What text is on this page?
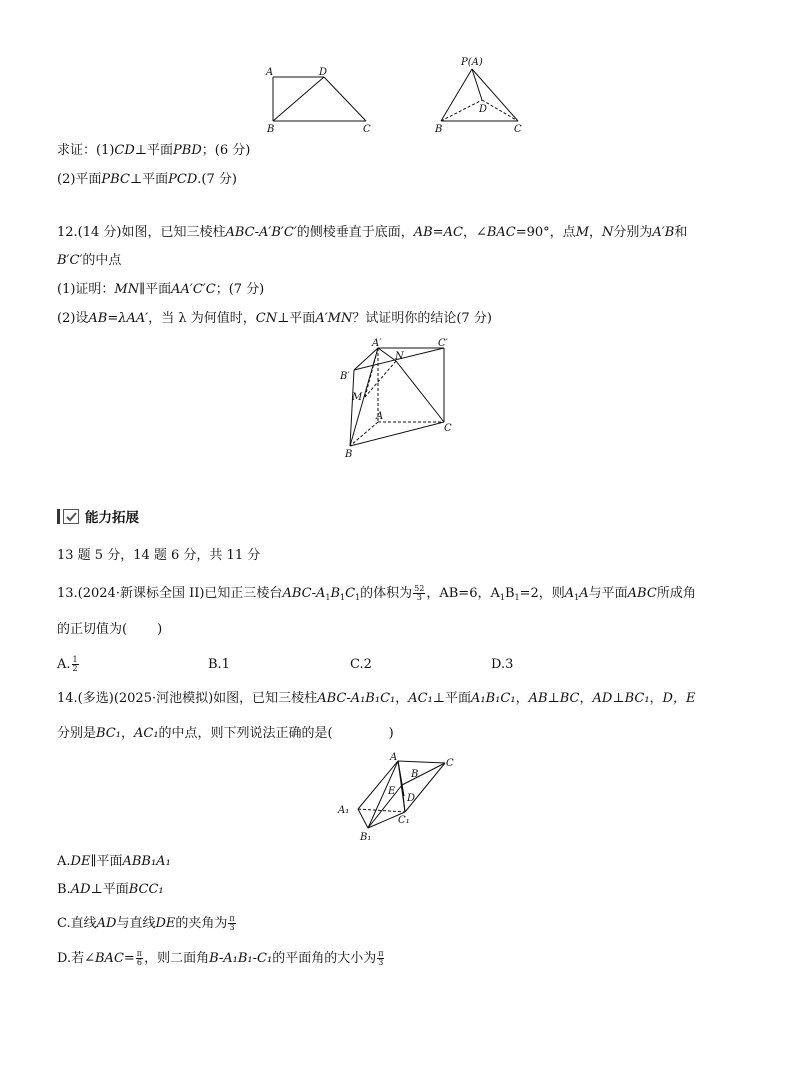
A	D
B	C
P(A)
D
B	C
求证：(1)CD⊥平面PBD；(6 分)
(2)平面PBC⊥平面PCD.(7 分)
12.(14 分)如图，已知三棱柱ABC-A′B′C′的侧棱垂直于底面，AB=AC，∠BAC=90°，点M，N分别为A′B和
B′C′的中点
(1)证明：MN∥平面AA′C′C；(7 分)
(2)设AB=λAA′，当 λ 为何值时，CN⊥平面A′MN？试证明你的结论(7 分)
A′
N
C′
B′
M
A
C
B
能力拓展
13 题 5 分，14 题 6 分，共 11 分
13.(2024·新课标全国 II)已知正三棱台ABC-$A_1B_1C_1$的体积为 $\frac{52}{3}$ ，AB=6，$A_1B_1=2$，则$A_1A$与平面ABC所成角
的正切值为( )
A. $\frac{1}{2}$	B.1	C.2	D.3
14.(多选)(2025·河池模拟)如图，已知三棱柱ABC-A₁B₁C₁，AC₁⊥平面A₁B₁C₁，AB⊥BC，AD⊥BC₁，D，E
分别是BC₁，AC₁的中点，则下列说法正确的是(	)
A
C
B
E
D
A₁
C₁
B₁
A.DE∥平面ABB₁A₁
B.AD⊥平面BCC₁
C.直线AD与直线DE的夹角为 $\frac{\pi}{3}$
D.若∠BAC= $\frac{\pi}{6}$ ，则二面角B-A₁B₁-C₁的平面角的大小为 $\frac{\pi}{3}$
